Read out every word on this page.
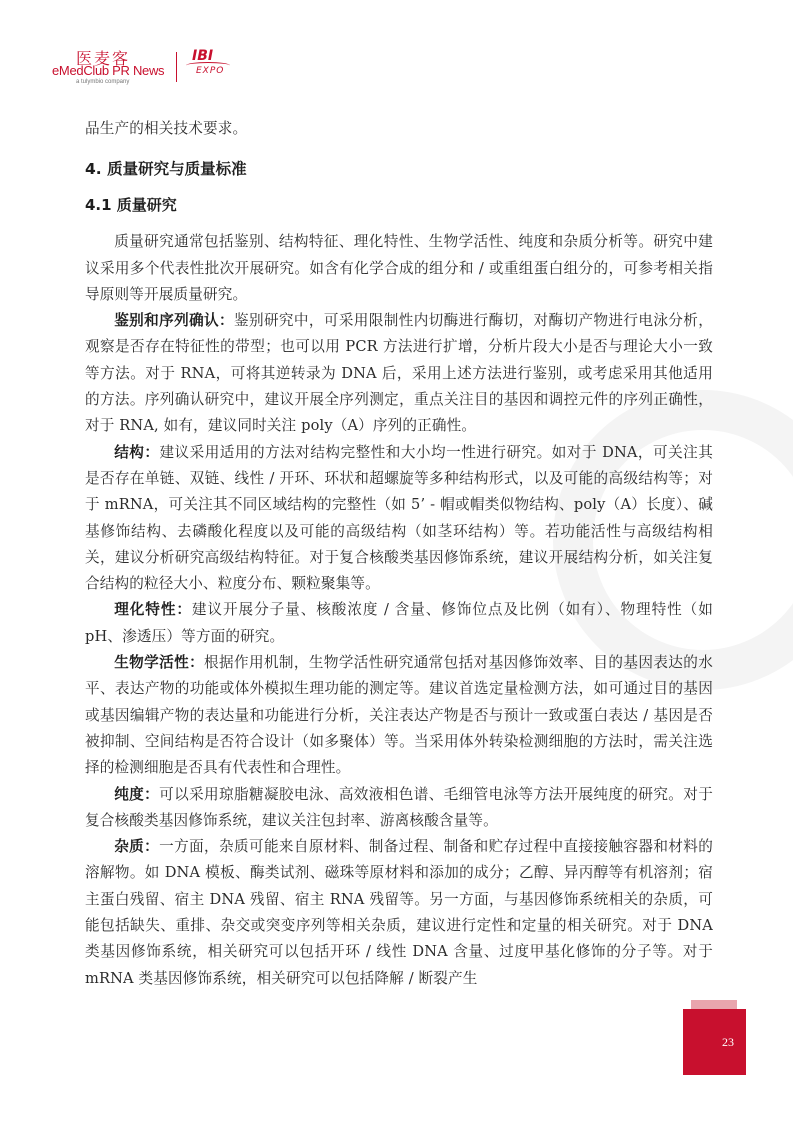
医麦客
eMedClub PR News
a tulymbio company
IBI
EXPO

品生产的相关技术要求。

4. 质量研究与质量标准
4.1 质量研究

质量研究通常包括鉴别、结构特征、理化特性、生物学活性、纯度和杂质分析等。研究中建议采用多个代表性批次开展研究。如含有化学合成的组分和 / 或重组蛋白组分的，可参考相关指导原则等开展质量研究。

鉴别和序列确认：鉴别研究中，可采用限制性内切酶进行酶切，对酶切产物进行电泳分析，观察是否存在特征性的带型；也可以用 PCR 方法进行扩增，分析片段大小是否与理论大小一致等方法。对于 RNA，可将其逆转录为 DNA 后，采用上述方法进行鉴别，或考虑采用其他适用的方法。序列确认研究中，建议开展全序列测定，重点关注目的基因和调控元件的序列正确性，对于 RNA, 如有，建议同时关注 poly（A）序列的正确性。

结构：建议采用适用的方法对结构完整性和大小均一性进行研究。如对于 DNA，可关注其是否存在单链、双链、线性 / 开环、环状和超螺旋等多种结构形式，以及可能的高级结构等；对于 mRNA，可关注其不同区域结构的完整性（如 5’ - 帽或帽类似物结构、poly（A）长度）、碱基修饰结构、去磷酸化程度以及可能的高级结构（如茎环结构）等。若功能活性与高级结构相关，建议分析研究高级结构特征。对于复合核酸类基因修饰系统，建议开展结构分析，如关注复合结构的粒径大小、粒度分布、颗粒聚集等。

理化特性：建议开展分子量、核酸浓度 / 含量、修饰位点及比例（如有）、物理特性（如 pH、渗透压）等方面的研究。

生物学活性：根据作用机制，生物学活性研究通常包括对基因修饰效率、目的基因表达的水平、表达产物的功能或体外模拟生理功能的测定等。建议首选定量检测方法，如可通过目的基因或基因编辑产物的表达量和功能进行分析，关注表达产物是否与预计一致或蛋白表达 / 基因是否被抑制、空间结构是否符合设计（如多聚体）等。当采用体外转染检测细胞的方法时，需关注选择的检测细胞是否具有代表性和合理性。

纯度：可以采用琼脂糖凝胶电泳、高效液相色谱、毛细管电泳等方法开展纯度的研究。对于复合核酸类基因修饰系统，建议关注包封率、游离核酸含量等。

杂质：一方面，杂质可能来自原材料、制备过程、制备和贮存过程中直接接触容器和材料的溶解物。如 DNA 模板、酶类试剂、磁珠等原材料和添加的成分；乙醇、异丙醇等有机溶剂；宿主蛋白残留、宿主 DNA 残留、宿主 RNA 残留等。另一方面，与基因修饰系统相关的杂质，可能包括缺失、重排、杂交或突变序列等相关杂质，建议进行定性和定量的相关研究。对于 DNA 类基因修饰系统，相关研究可以包括开环 / 线性 DNA 含量、过度甲基化修饰的分子等。对于 mRNA 类基因修饰系统，相关研究可以包括降解 / 断裂产生

23
